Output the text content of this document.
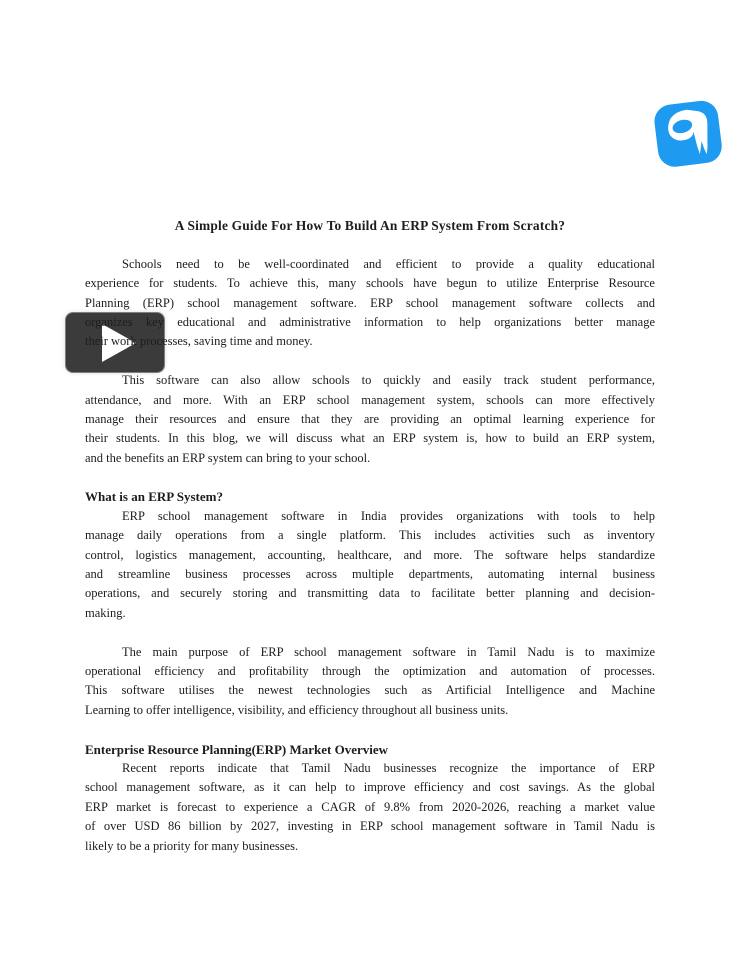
A Simple Guide For How To Build An ERP System From Scratch?
Schools need to be well-coordinated and efficient to provide a quality educational
experience for students. To achieve this, many schools have begun to utilize Enterprise Resource
Planning (ERP) school management software. ERP school management software collects and
organizes key educational and administrative information to help organizations better manage
their work processes, saving time and money.
This software can also allow schools to quickly and easily track student performance,
attendance, and more. With an ERP school management system, schools can more effectively
manage their resources and ensure that they are providing an optimal learning experience for
their students. In this blog, we will discuss what an ERP system is, how to build an ERP system,
and the benefits an ERP system can bring to your school.
What is an ERP System?
ERP school management software in India provides organizations with tools to help
manage daily operations from a single platform. This includes activities such as inventory
control, logistics management, accounting, healthcare, and more. The software helps standardize
and streamline business processes across multiple departments, automating internal business
operations, and securely storing and transmitting data to facilitate better planning and decision-
making.
The main purpose of ERP school management software in Tamil Nadu is to maximize
operational efficiency and profitability through the optimization and automation of processes.
This software utilises the newest technologies such as Artificial Intelligence and Machine
Learning to offer intelligence, visibility, and efficiency throughout all business units.
Enterprise Resource Planning(ERP) Market Overview
Recent reports indicate that Tamil Nadu businesses recognize the importance of ERP
school management software, as it can help to improve efficiency and cost savings. As the global
ERP market is forecast to experience a CAGR of 9.8% from 2020-2026, reaching a market value
of over USD 86 billion by 2027, investing in ERP school management software in Tamil Nadu is
likely to be a priority for many businesses.
